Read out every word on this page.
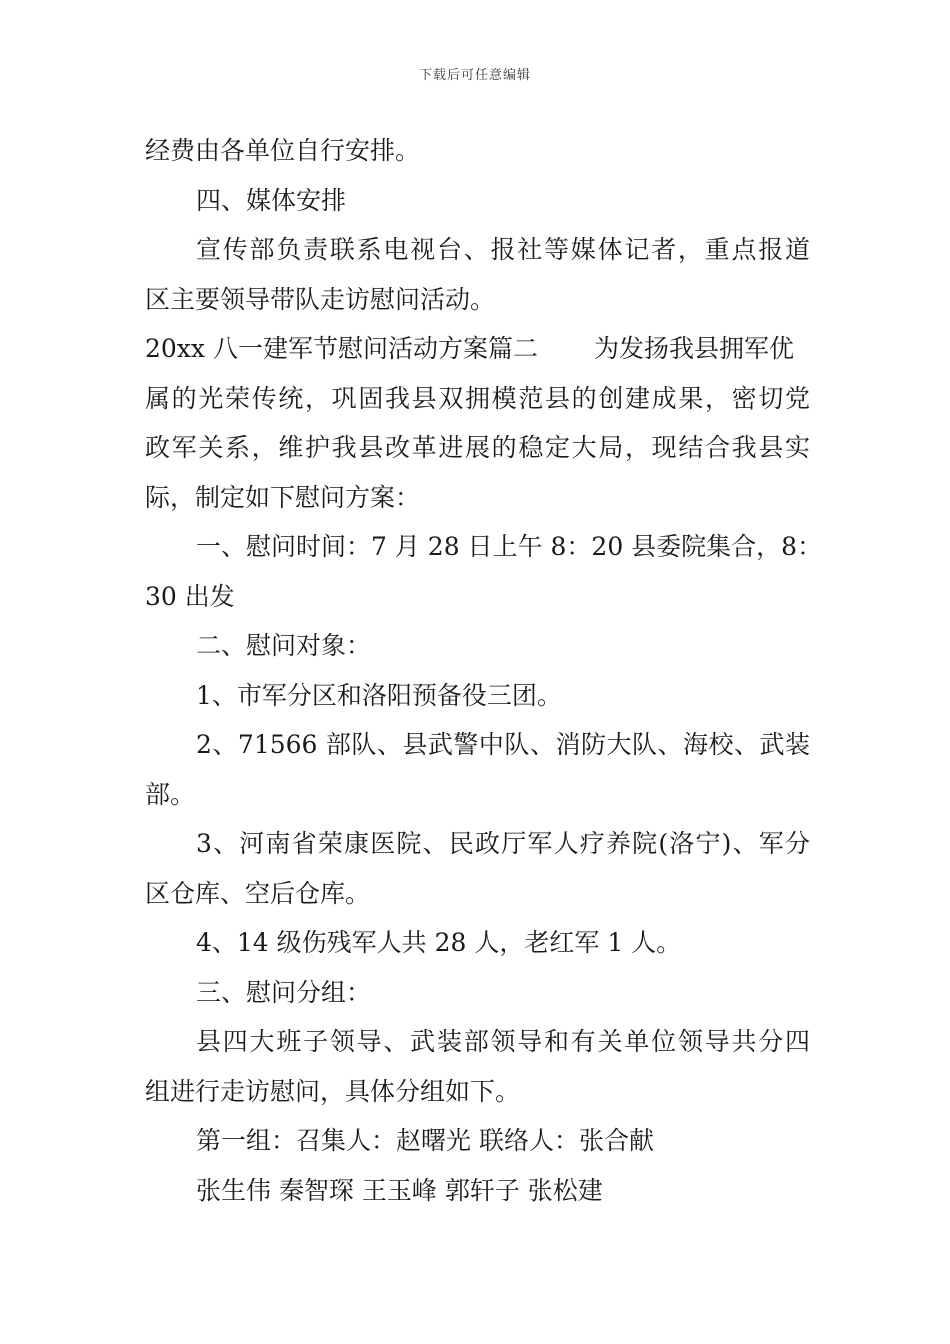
下载后可任意编辑
经费由各单位自行安排。
四、媒体安排
宣传部负责联系电视台、报社等媒体记者，重点报道
区主要领导带队走访慰问活动。
20xx 八一建军节慰问活动方案篇二 为发扬我县拥军优
属的光荣传统，巩固我县双拥模范县的创建成果，密切党
政军关系，维护我县改革进展的稳定大局，现结合我县实
际，制定如下慰问方案：
一、慰问时间：7 月 28 日上午 8：20 县委院集合，8：
30 出发
二、慰问对象：
1、市军分区和洛阳预备役三团。
2、71566 部队、县武警中队、消防大队、海校、武装
部。
3、河南省荣康医院、民政厅军人疗养院(洛宁)、军分
区仓库、空后仓库。
4、14 级伤残军人共 28 人，老红军 1 人。
三、慰问分组：
县四大班子领导、武装部领导和有关单位领导共分四
组进行走访慰问，具体分组如下。
第一组：召集人：赵曙光 联络人：张合献
张生伟 秦智琛 王玉峰 郭轩子 张松建
